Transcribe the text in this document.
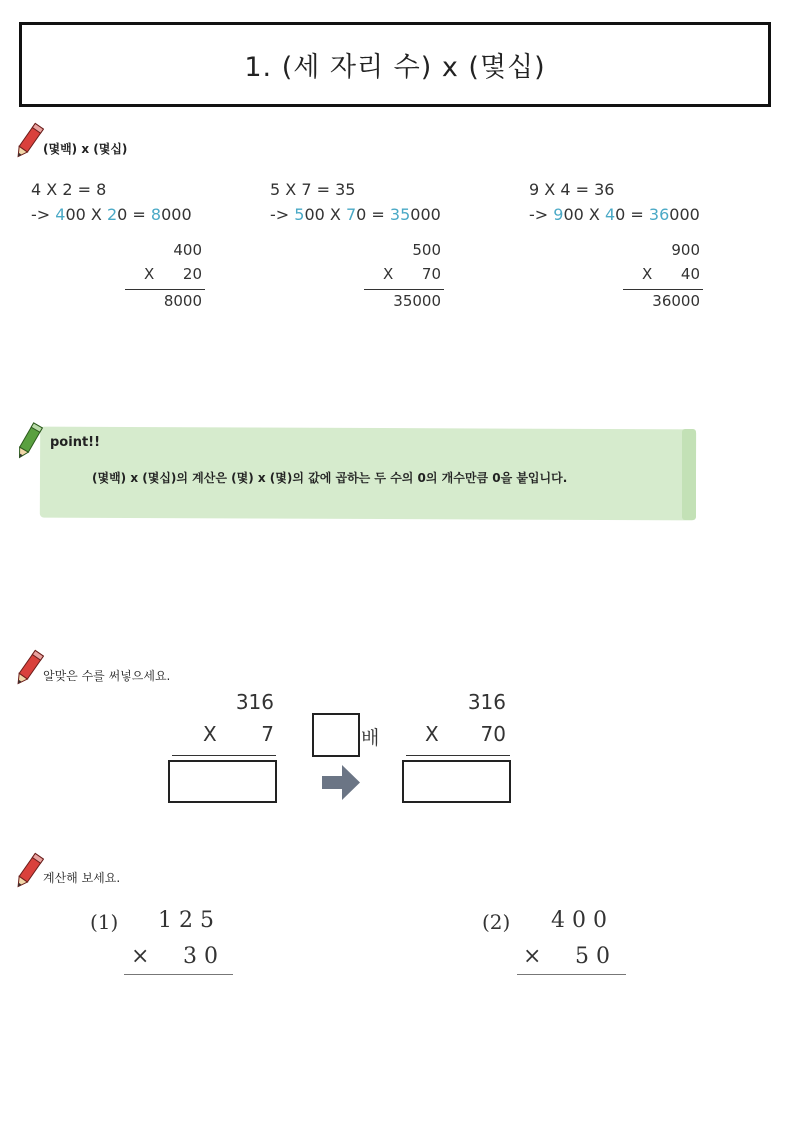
1. (세 자리 수) x (몇십)
(몇백) x (몇십)
4 X 2 = 8
-> 400 X 20 = 8000
5 X 7 = 35
-> 500 X 70 = 35000
9 X 4 = 36
-> 900 X 40 = 36000
400
X      20
8000
500
X      70
35000
900
X      40
36000
point!!
(몇백) x (몇십)의 계산은 (몇) x (몇)의 값에 곱하는 두 수의 0의 개수만큼 0을 붙입니다.
알맞은 수를 써넣으세요.
316
X	7	배
316
X 70
계산해 보세요.
(1) 1 2 5
× 3 0
(2) 4 0 0
× 5 0
